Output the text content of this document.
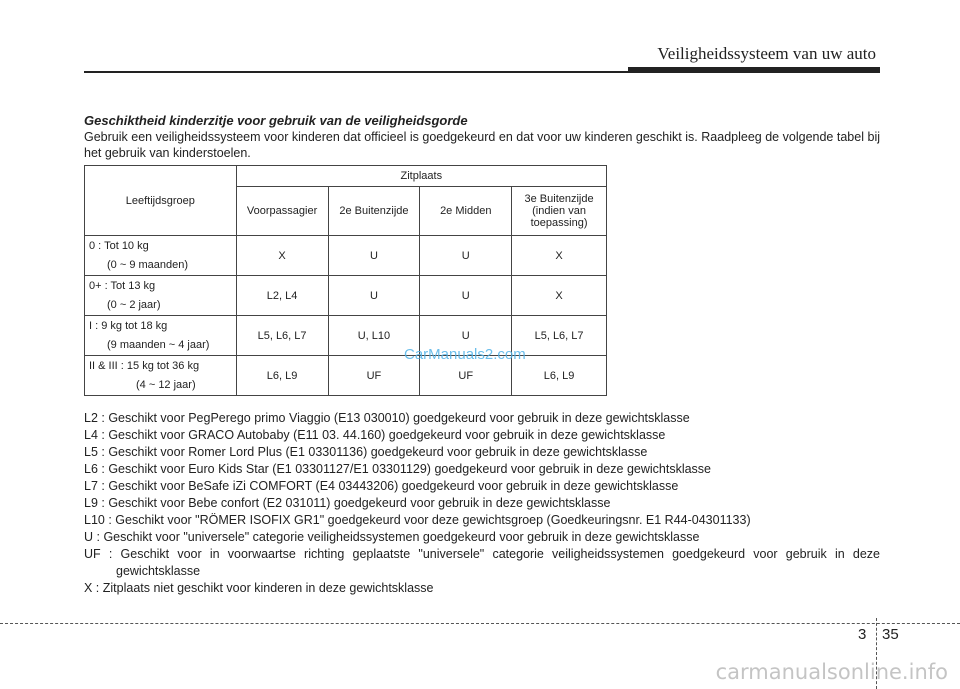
Veiligheidssysteem van uw auto
Geschiktheid kinderzitje voor gebruik van de veiligheidsgorde
Gebruik een veiligheidssysteem voor kinderen dat officieel is goedgekeurd en dat voor uw kinderen geschikt is. Raadpleeg de volgende tabel bij het gebruik van kinderstoelen.
Leeftijdsgroep	Zitplaats			
	Voorpassagier	2e Buitenzijde	2e Midden	3e Buitenzijde (indien van toepassing)
0 : Tot 10 kg
(0 ~ 9 maanden)	X	U	U	X
0+ : Tot 13 kg
(0 ~ 2 jaar)	L2, L4	U	U	X
I : 9 kg tot 18 kg
(9 maanden ~ 4 jaar)	L5, L6, L7	U, L10	U	L5, L6, L7
II & III : 15 kg tot 36 kg
(4 ~ 12 jaar)	L6, L9	UF	UF	L6, L9
CarManuals2.com
L2 : Geschikt voor PegPerego primo Viaggio (E13 030010) goedgekeurd voor gebruik in deze gewichtsklasse
L4 : Geschikt voor GRACO Autobaby (E11 03. 44.160) goedgekeurd voor gebruik in deze gewichtsklasse
L5 : Geschikt voor Romer Lord Plus (E1 03301136) goedgekeurd voor gebruik in deze gewichtsklasse
L6 : Geschikt voor Euro Kids Star (E1 03301127/E1 03301129) goedgekeurd voor gebruik in deze gewichtsklasse
L7 : Geschikt voor BeSafe iZi COMFORT (E4 03443206) goedgekeurd voor gebruik in deze gewichtsklasse
L9 : Geschikt voor Bebe confort (E2 031011) goedgekeurd voor gebruik in deze gewichtsklasse
L10 : Geschikt voor "RÖMER ISOFIX GR1" goedgekeurd voor deze gewichtsgroep (Goedkeuringsnr. E1 R44-04301133)
U : Geschikt voor "universele" categorie veiligheidssystemen goedgekeurd voor gebruik in deze gewichtsklasse
UF : Geschikt voor in voorwaartse richting geplaatste "universele" categorie veiligheidssystemen goedgekeurd voor gebruik in deze gewichtsklasse
X : Zitplaats niet geschikt voor kinderen in deze gewichtsklasse
3 35
carmanualsonline.info
